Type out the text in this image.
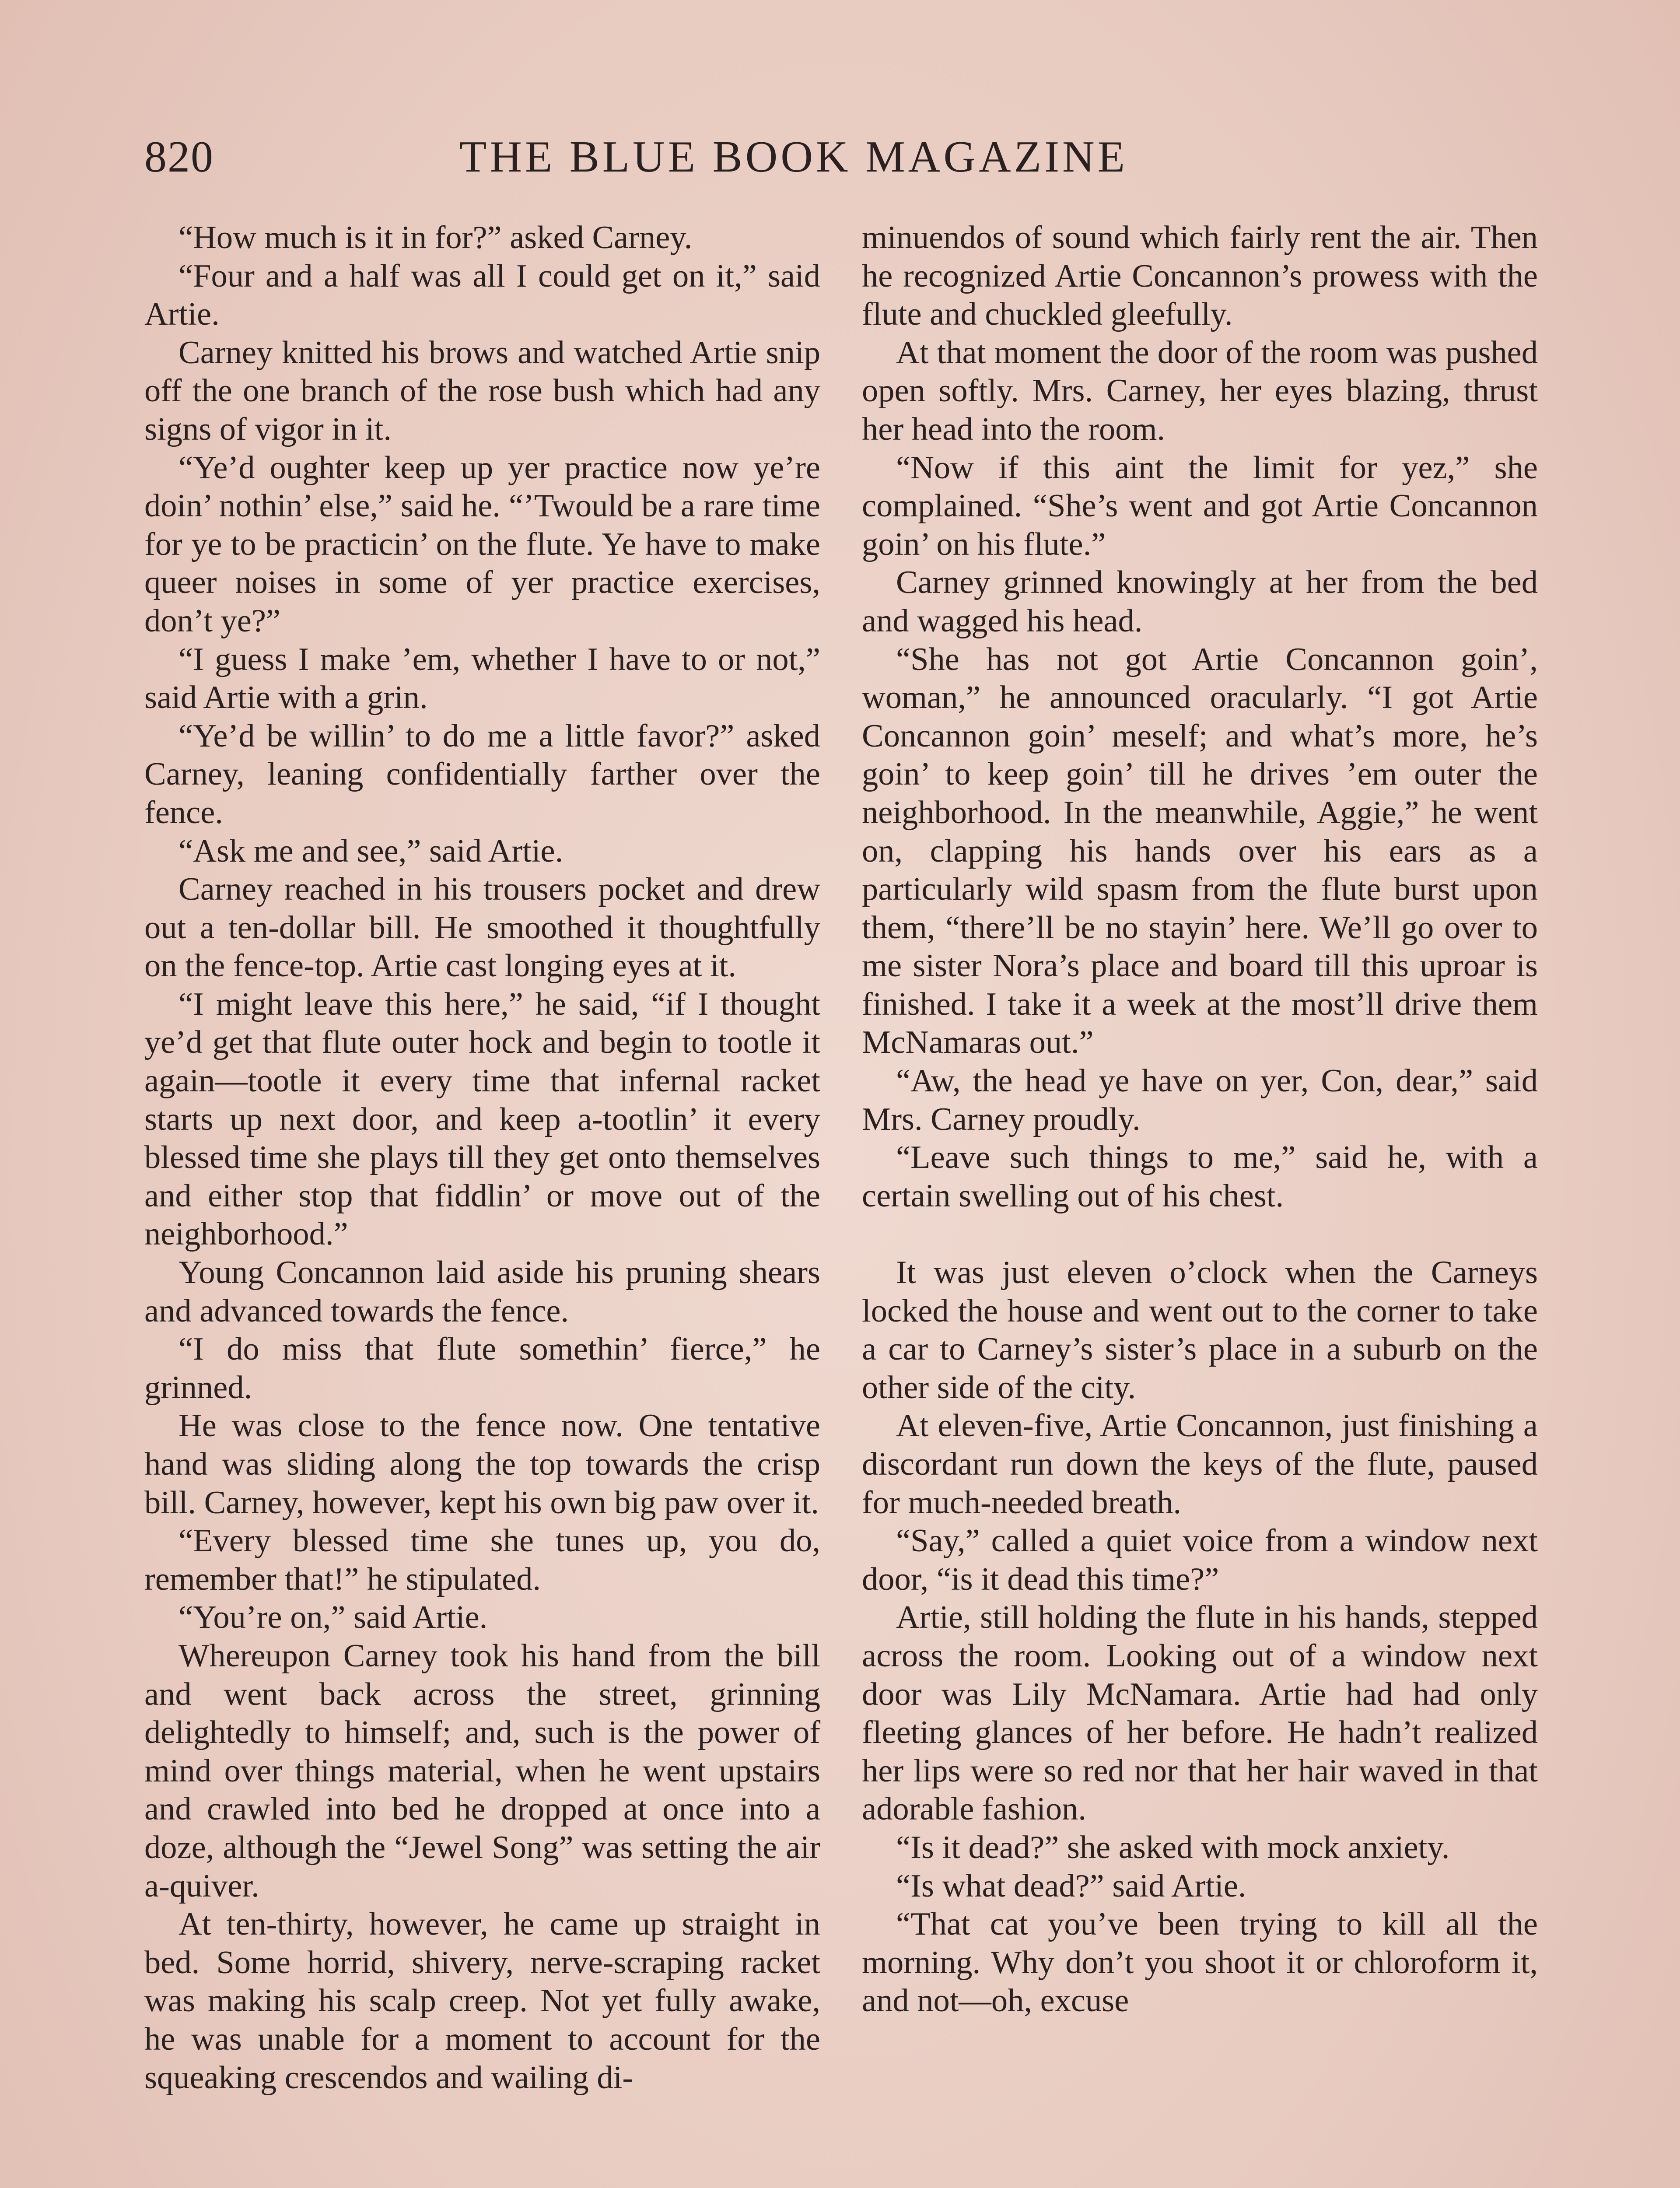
820	THE BLUE BOOK MAGAZINE

“How much is it in for?” asked Carney.

“Four and a half was all I could get on it,” said Artie.

Carney knitted his brows and watched Artie snip off the one branch of the rose bush which had any signs of vigor in it.

“Ye’d oughter keep up yer practice now ye’re doin’ nothin’ else,” said he. “’Twould be a rare time for ye to be practicin’ on the flute. Ye have to make queer noises in some of yer practice exercises, don’t ye?”

“I guess I make ’em, whether I have to or not,” said Artie with a grin.

“Ye’d be willin’ to do me a little favor?” asked Carney, leaning confidentially farther over the fence.

“Ask me and see,” said Artie.

Carney reached in his trousers pocket and drew out a ten-dollar bill. He smoothed it thoughtfully on the fence-top. Artie cast longing eyes at it.

“I might leave this here,” he said, “if I thought ye’d get that flute outer hock and begin to tootle it again—tootle it every time that infernal racket starts up next door, and keep a-tootlin’ it every blessed time she plays till they get onto themselves and either stop that fiddlin’ or move out of the neighborhood.”

Young Concannon laid aside his pruning shears and advanced towards the fence.

“I do miss that flute somethin’ fierce,” he grinned.

He was close to the fence now. One tentative hand was sliding along the top towards the crisp bill. Carney, however, kept his own big paw over it.

“Every blessed time she tunes up, you do, remember that!” he stipulated.

“You’re on,” said Artie.

Whereupon Carney took his hand from the bill and went back across the street, grinning delightedly to himself; and, such is the power of mind over things material, when he went upstairs and crawled into bed he dropped at once into a doze, although the “Jewel Song” was setting the air a-quiver.

At ten-thirty, however, he came up straight in bed. Some horrid, shivery, nerve-scraping racket was making his scalp creep. Not yet fully awake, he was unable for a moment to account for the squeaking crescendos and wailing di-

minuendos of sound which fairly rent the air. Then he recognized Artie Concannon’s prowess with the flute and chuckled gleefully.

At that moment the door of the room was pushed open softly. Mrs. Carney, her eyes blazing, thrust her head into the room.

“Now if this aint the limit for yez,” she complained. “She’s went and got Artie Concannon goin’ on his flute.”

Carney grinned knowingly at her from the bed and wagged his head.

“She has not got Artie Concannon goin’, woman,” he announced oracularly. “I got Artie Concannon goin’ meself; and what’s more, he’s goin’ to keep goin’ till he drives ’em outer the neighborhood. In the meanwhile, Aggie,” he went on, clapping his hands over his ears as a particularly wild spasm from the flute burst upon them, “there’ll be no stayin’ here. We’ll go over to me sister Nora’s place and board till this uproar is finished. I take it a week at the most’ll drive them McNamaras out.”

“Aw, the head ye have on yer, Con, dear,” said Mrs. Carney proudly.

“Leave such things to me,” said he, with a certain swelling out of his chest.

It was just eleven o’clock when the Carneys locked the house and went out to the corner to take a car to Carney’s sister’s place in a suburb on the other side of the city.

At eleven-five, Artie Concannon, just finishing a discordant run down the keys of the flute, paused for much-needed breath.

“Say,” called a quiet voice from a window next door, “is it dead this time?”

Artie, still holding the flute in his hands, stepped across the room. Looking out of a window next door was Lily McNamara. Artie had had only fleeting glances of her before. He hadn’t realized her lips were so red nor that her hair waved in that adorable fashion.

“Is it dead?” she asked with mock anxiety.

“Is what dead?” said Artie.

“That cat you’ve been trying to kill all the morning. Why don’t you shoot it or chloroform it, and not—oh, excuse
